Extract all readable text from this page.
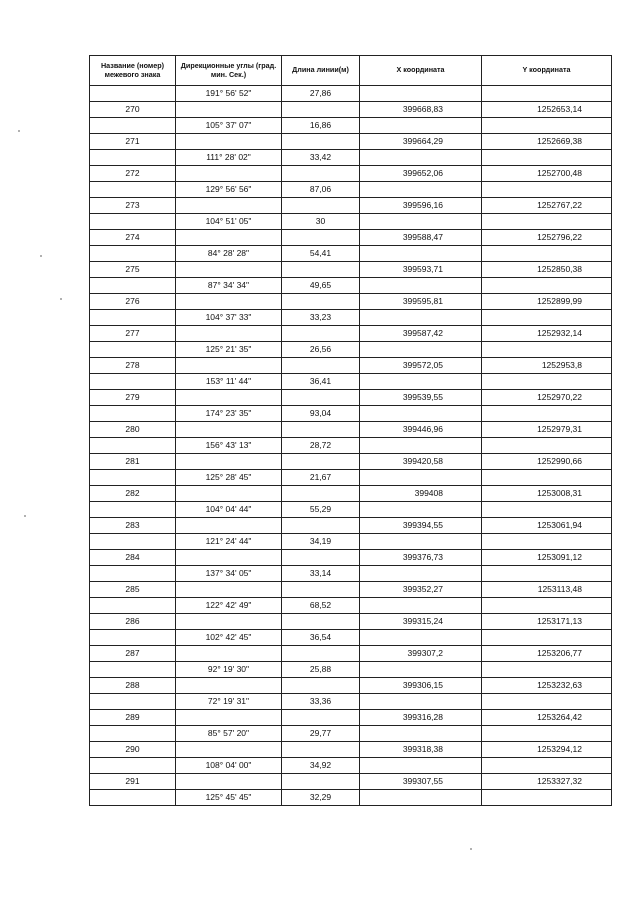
Название (номер) межевого знака	Дирекционные углы (град. мин. Сек.)	Длина линии(м)	X координата	Y координата
	191° 56' 52"	27,86		
270			399668,83	1252653,14
	105° 37' 07"	16,86		
271			399664,29	1252669,38
	111° 28' 02"	33,42		
272			399652,06	1252700,48
	129° 56' 56"	87,06		
273			399596,16	1252767,22
	104° 51' 05"	30		
274			399588,47	1252796,22
	84° 28' 28"	54,41		
275			399593,71	1252850,38
	87° 34' 34"	49,65		
276			399595,81	1252899,99
	104° 37' 33"	33,23		
277			399587,42	1252932,14
	125° 21' 35"	26,56		
278			399572,05	1252953,8
	153° 11' 44"	36,41		
279			399539,55	1252970,22
	174° 23' 35"	93,04		
280			399446,96	1252979,31
	156° 43' 13"	28,72		
281			399420,58	1252990,66
	125° 28' 45"	21,67		
282			399408	1253008,31
	104° 04' 44"	55,29		
283			399394,55	1253061,94
	121° 24' 44"	34,19		
284			399376,73	1253091,12
	137° 34' 05"	33,14		
285			399352,27	1253113,48
	122° 42' 49"	68,52		
286			399315,24	1253171,13
	102° 42' 45"	36,54		
287			399307,2	1253206,77
	92° 19' 30"	25,88		
288			399306,15	1253232,63
	72° 19' 31"	33,36		
289			399316,28	1253264,42
	85° 57' 20"	29,77		
290			399318,38	1253294,12
	108° 04' 00"	34,92		
291			399307,55	1253327,32
	125° 45' 45"	32,29		
